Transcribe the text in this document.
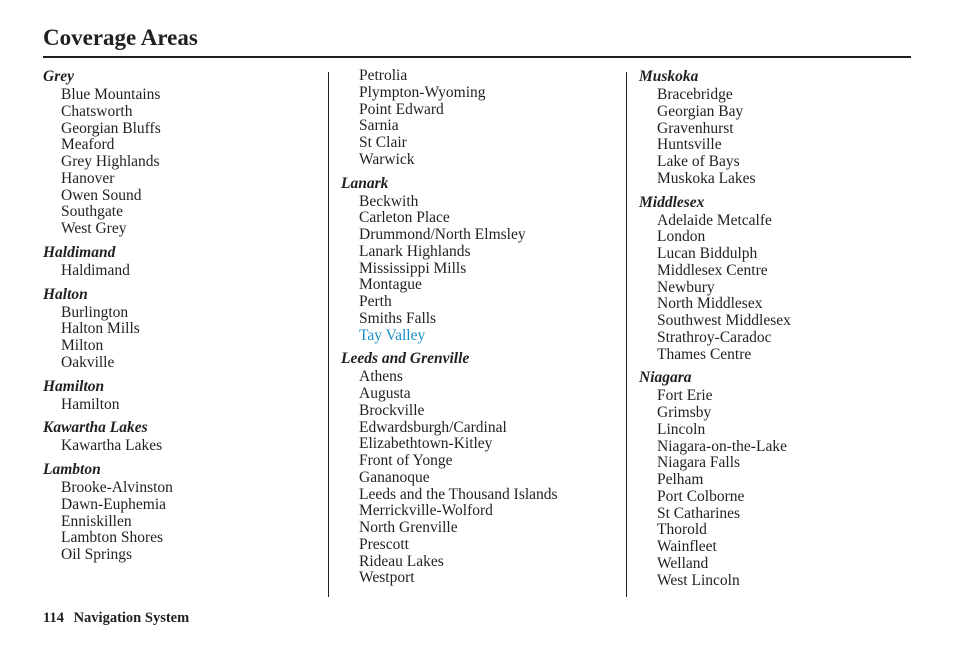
Coverage Areas
Grey
Blue Mountains
Chatsworth
Georgian Bluffs
Meaford
Grey Highlands
Hanover
Owen Sound
Southgate
West Grey
Haldimand
Haldimand
Halton
Burlington
Halton Mills
Milton
Oakville
Hamilton
Hamilton
Kawartha Lakes
Kawartha Lakes
Lambton
Brooke-Alvinston
Dawn-Euphemia
Enniskillen
Lambton Shores
Oil Springs
Petrolia
Plympton-Wyoming
Point Edward
Sarnia
St Clair
Warwick
Lanark
Beckwith
Carleton Place
Drummond/North Elmsley
Lanark Highlands
Mississippi Mills
Montague
Perth
Smiths Falls
Tay Valley
Leeds and Grenville
Athens
Augusta
Brockville
Edwardsburgh/Cardinal
Elizabethtown-Kitley
Front of Yonge
Gananoque
Leeds and the Thousand Islands
Merrickville-Wolford
North Grenville
Prescott
Rideau Lakes
Westport
Muskoka
Bracebridge
Georgian Bay
Gravenhurst
Huntsville
Lake of Bays
Muskoka Lakes
Middlesex
Adelaide Metcalfe
London
Lucan Biddulph
Middlesex Centre
Newbury
North Middlesex
Southwest Middlesex
Strathroy-Caradoc
Thames Centre
Niagara
Fort Erie
Grimsby
Lincoln
Niagara-on-the-Lake
Niagara Falls
Pelham
Port Colborne
St Catharines
Thorold
Wainfleet
Welland
West Lincoln
114 Navigation System
